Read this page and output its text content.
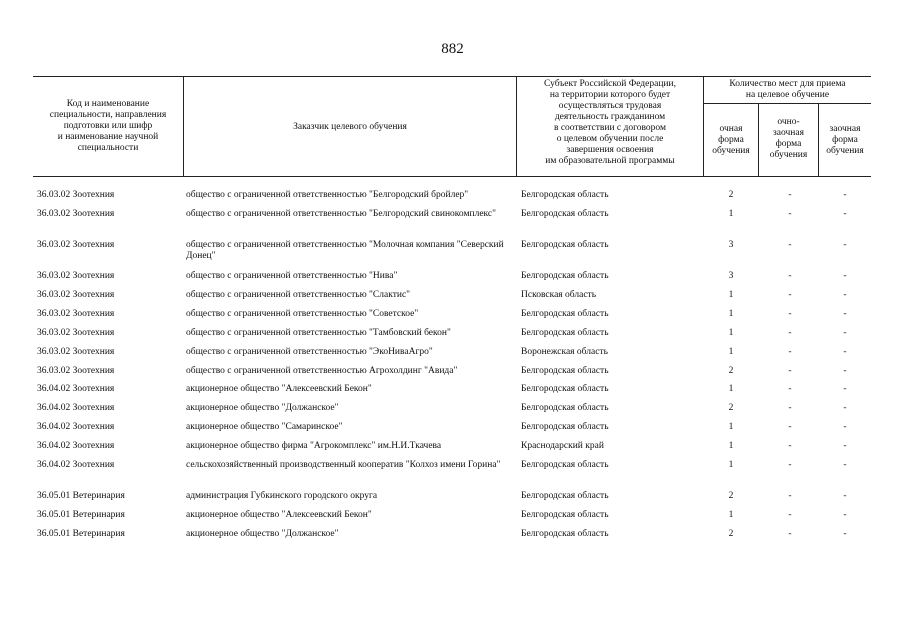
882
Код и наименование
специальности, направления
подготовки или шифр
и наименование научной
специальности
Заказчик целевого обучения
Субъект Российской Федерации,
на территории которого будет
осуществляться трудовая
деятельность гражданином
в соответствии с договором
о целевом обучении после
завершения освоения
им образовательной программы
Количество мест для приема
на целевое обучение
очная
форма
обучения
очно-
заочная
форма
обучения
заочная
форма
обучения
36.03.02 Зоотехния	общество с ограниченной ответственностью "Белгородский бройлер"	Белгородская область	2	-	-
36.03.02 Зоотехния	общество с ограниченной ответственностью "Белгородский свинокомплекс"	Белгородская область	1	-	-
36.03.02 Зоотехния	общество с ограниченной ответственностью "Молочная компания "Северский Донец"
Белгородская область	3	-	-
36.03.02 Зоотехния	общество с ограниченной ответственностью "Нива"	Белгородская область	3	-	-
36.03.02 Зоотехния	общество с ограниченной ответственностью "Слактис"	Псковская область	1	-	-
36.03.02 Зоотехния	общество с ограниченной ответственностью "Советское"	Белгородская область	1	-	-
36.03.02 Зоотехния	общество с ограниченной ответственностью "Тамбовский бекон"	Белгородская область	1	-	-
36.03.02 Зоотехния	общество с ограниченной ответственностью "ЭкоНиваАгро"	Воронежская область	1	-	-
36.03.02 Зоотехния	общество с ограниченной ответственностью Агрохолдинг "Авида"	Белгородская область	2	-	-
36.04.02 Зоотехния	акционерное общество "Алексеевский Бекон"	Белгородская область	1	-	-
36.04.02 Зоотехния	акционерное общество "Должанское"	Белгородская область	2	-	-
36.04.02 Зоотехния	акционерное общество "Самаринское"	Белгородская область	1	-	-
36.04.02 Зоотехния	акционерное общество фирма "Агрокомплекс" им.Н.И.Ткачева	Краснодарский край	1	-	-
36.04.02 Зоотехния	сельскохозяйственный производственный кооператив "Колхоз имени Горина"	Белгородская область	1	-	-
36.05.01 Ветеринария	администрация Губкинского городского округа	Белгородская область	2	-	-
36.05.01 Ветеринария	акционерное общество "Алексеевский Бекон"	Белгородская область	1	-	-
36.05.01 Ветеринария	акционерное общество "Должанское"	Белгородская область	2	-	-
